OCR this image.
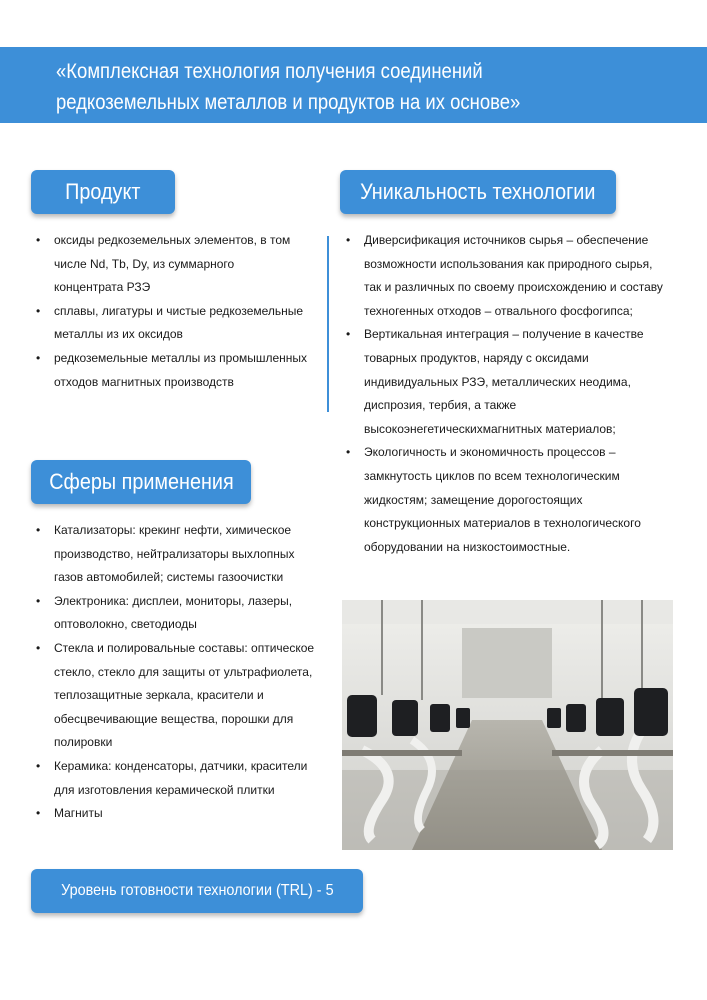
«Комплексная технология получения соединений
редкоземельных металлов и продуктов на их основе»
Продукт	Уникальность технологии
• оксиды редкоземельных элементов, в том
числе Nd, Tb, Dy, из суммарного
концентрата РЗЭ
• сплавы, лигатуры и чистые редкоземельные
металлы из их оксидов
• редкоземельные металлы из промышленных
отходов магнитных производств
• Диверсификация источников сырья – обеспечение
возможности использования как природного сырья,
так и различных по своему происхождению и составу
техногенных отходов – отвального фосфогипса;
• Вертикальная интеграция – получение в качестве
товарных продуктов, наряду с оксидами
индивидуальных РЗЭ, металлических неодима,
диспрозия, тербия, а также
высокоэнегетическихмагнитных материалов;
• Экологичность и экономичность процессов –
замкнутость циклов по всем технологическим
жидкостям; замещение дорогостоящих
конструкционных материалов в технологического
оборудовании на низкостоимостные.
Сферы применения
• Катализаторы: крекинг нефти, химическое
производство, нейтрализаторы выхлопных
газов автомобилей; системы газоочистки
• Электроника: дисплеи, мониторы, лазеры,
оптоволокно, светодиоды
• Стекла и полировальные составы: оптическое
стекло, стекло для защиты от ультрафиолета,
теплозащитные зеркала, красители и
обесцвечивающие вещества, порошки для
полировки
• Керамика: конденсаторы, датчики, красители
для изготовления керамической плитки
• Магниты
Уровень готовности технологии (TRL) - 5
